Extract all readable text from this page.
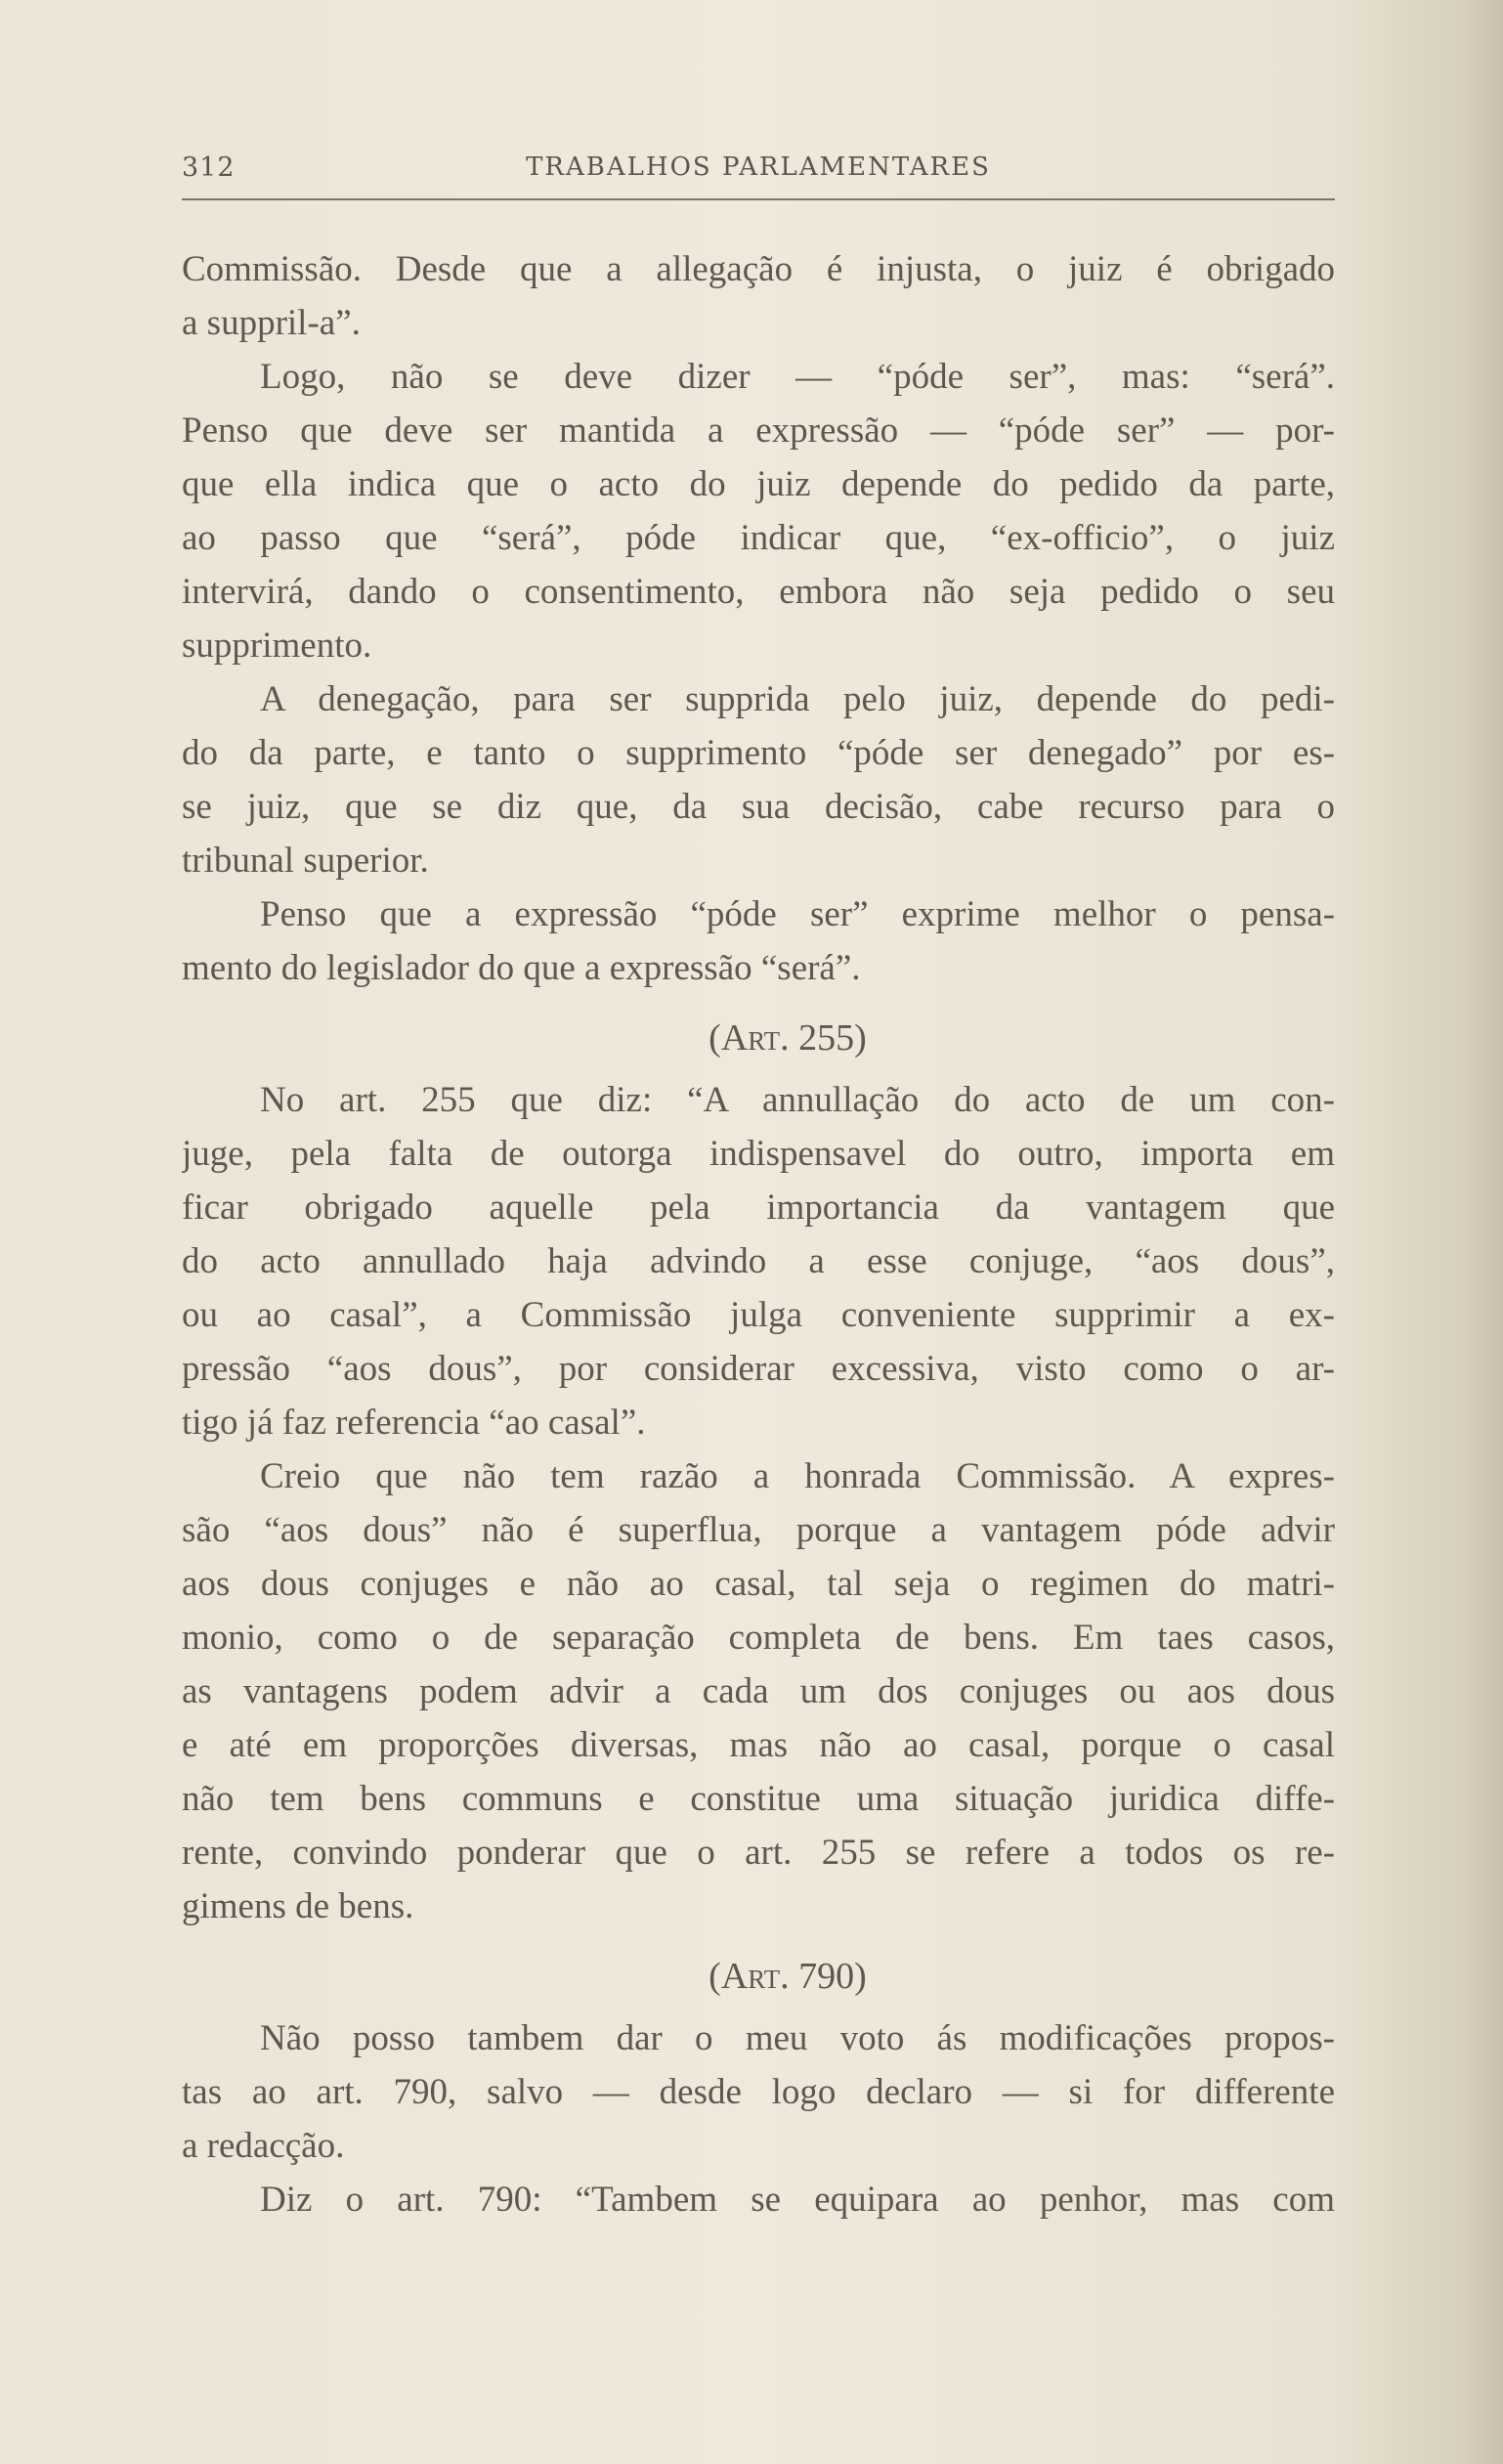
312	TRABALHOS PARLAMENTARES
Commissão. Desde que a allegação é injusta, o juiz é obrigado
a suppril-a”.
Logo, não se deve dizer — “póde ser”, mas: “será”.
Penso que deve ser mantida a expressão — “póde ser” — por-
que ella indica que o acto do juiz depende do pedido da parte,
ao passo que “será”, póde indicar que, “ex-officio”, o juiz
intervirá, dando o consentimento, embora não seja pedido o seu
supprimento.
A denegação, para ser supprida pelo juiz, depende do pedi-
do da parte, e tanto o supprimento “póde ser denegado” por es-
se juiz, que se diz que, da sua decisão, cabe recurso para o
tribunal superior.
Penso que a expressão “póde ser” exprime melhor o pensa-
mento do legislador do que a expressão “será”.
(Art. 255)
No art. 255 que diz: “A annullação do acto de um con-
juge, pela falta de outorga indispensavel do outro, importa em
ficar obrigado aquelle pela importancia da vantagem que
do acto annullado haja advindo a esse conjuge, “aos dous”,
ou ao casal”, a Commissão julga conveniente supprimir a ex-
pressão “aos dous”, por considerar excessiva, visto como o ar-
tigo já faz referencia “ao casal”.
Creio que não tem razão a honrada Commissão. A expres-
são “aos dous” não é superflua, porque a vantagem póde advir
aos dous conjuges e não ao casal, tal seja o regimen do matri-
monio, como o de separação completa de bens. Em taes casos,
as vantagens podem advir a cada um dos conjuges ou aos dous
e até em proporções diversas, mas não ao casal, porque o casal
não tem bens communs e constitue uma situação juridica diffe-
rente, convindo ponderar que o art. 255 se refere a todos os re-
gimens de bens.
(Art. 790)
Não posso tambem dar o meu voto ás modificações propos-
tas ao art. 790, salvo — desde logo declaro — si for differente
a redacção.
Diz o art. 790: “Tambem se equipara ao penhor, mas com
